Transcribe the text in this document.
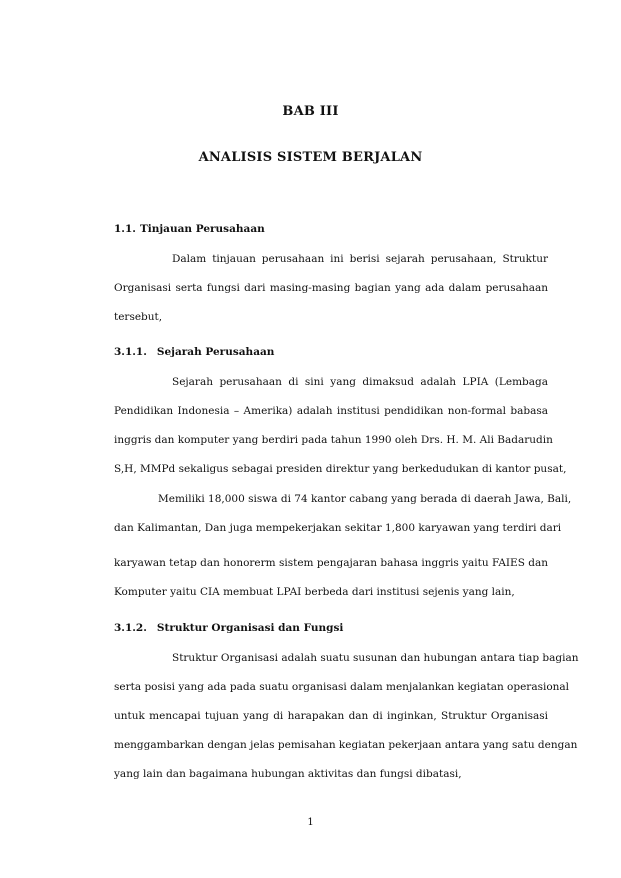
BAB III
ANALISIS SISTEM BERJALAN
1.1. Tinjauan Perusahaan
Dalam tinjauan perusahaan ini berisi sejarah perusahaan, Struktur
Organisasi serta fungsi dari masing-masing bagian yang ada dalam perusahaan
tersebut,
3.1.1. Sejarah Perusahaan
Sejarah perusahaan di sini yang dimaksud adalah LPIA (Lembaga
Pendidikan Indonesia – Amerika) adalah institusi pendidikan non-formal babasa
inggris dan komputer yang berdiri pada tahun 1990 oleh Drs. H. M. Ali Badarudin
S,H, MMPd sekaligus sebagai presiden direktur yang berkedudukan di kantor pusat,
Memiliki 18,000 siswa di 74 kantor cabang yang berada di daerah Jawa, Bali,
dan Kalimantan, Dan juga mempekerjakan sekitar 1,800 karyawan yang terdiri dari
karyawan tetap dan honorerm sistem pengajaran bahasa inggris yaitu FAIES dan
Komputer yaitu CIA membuat LPAI berbeda dari institusi sejenis yang lain,
3.1.2. Struktur Organisasi dan Fungsi
Struktur Organisasi adalah suatu susunan dan hubungan antara tiap bagian
serta posisi yang ada pada suatu organisasi dalam menjalankan kegiatan operasional
untuk mencapai tujuan yang di harapakan dan di inginkan, Struktur Organisasi
menggambarkan dengan jelas pemisahan kegiatan pekerjaan antara yang satu dengan
yang lain dan bagaimana hubungan aktivitas dan fungsi dibatasi,
1
